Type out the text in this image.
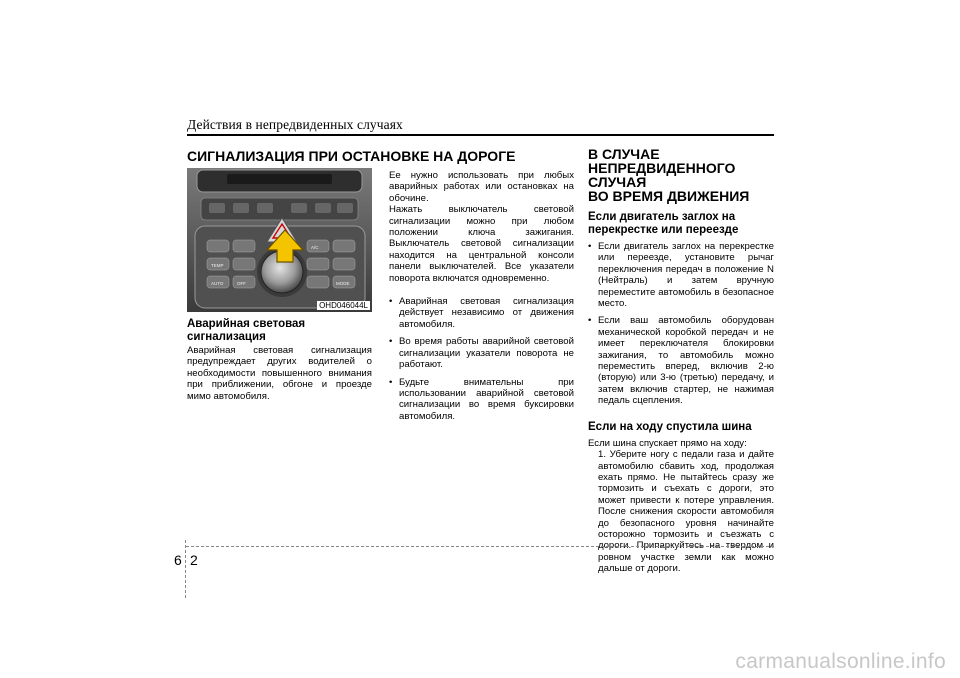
Действия в непредвиденных случаях
СИГНАЛИЗАЦИЯ ПРИ ОСТАНОВКЕ НА ДОРОГЕ
AUTO	OFF
TEMP
A/C
MODE
OHD046044L
Аварийная световая сигнализация
Аварийная световая сигнализация предупреждает других водителей о необходимости повышенного внимания при приближении, обгоне и проезде мимо автомобиля.
Ее нужно использовать при любых аварийных работах или остановках на обочине.
Нажать выключатель световой сигнализации можно при любом положении ключа зажигания. Выключатель световой сигнализации находится на центральной консоли панели выключателей. Все указатели поворота включатся одновременно.
• Аварийная световая сигнализация действует независимо от движения автомобиля.
• Во время работы аварийной световой сигнализации указатели поворота не работают.
• Будьте внимательны при использовании аварийной световой сигнализации во время буксировки автомобиля.
В СЛУЧАЕ
НЕПРЕДВИДЕННОГО СЛУЧАЯ
ВО ВРЕМЯ ДВИЖЕНИЯ
Если двигатель заглох на перекрестке или переезде
• Если двигатель заглох на перекрестке или переезде, установите рычаг переключения передач в положение N (Нейтраль) и затем вручную переместите автомобиль в безопасное место.
• Если ваш автомобиль оборудован механической коробкой передач и не имеет переключателя блокировки зажигания, то автомобиль можно переместить вперед, включив 2-ю (вторую) или 3-ю (третью) передачу, и затем включив стартер, не нажимая педаль сцепления.
Если на ходу спустила шина
Если шина спускает прямо на ходу:
1. Уберите ногу с педали газа и дайте автомобилю сбавить ход, продолжая ехать прямо. Не пытайтесь сразу же тормозить и съехать с дороги, это может привести к потере управления. После снижения скорости автомобиля до безопасного уровня начинайте осторожно тормозить и съезжать с дороги. Припаркуйтесь на твердом и ровном участке земли как можно дальше от дороги.
6 2
carmanualsonline.info
